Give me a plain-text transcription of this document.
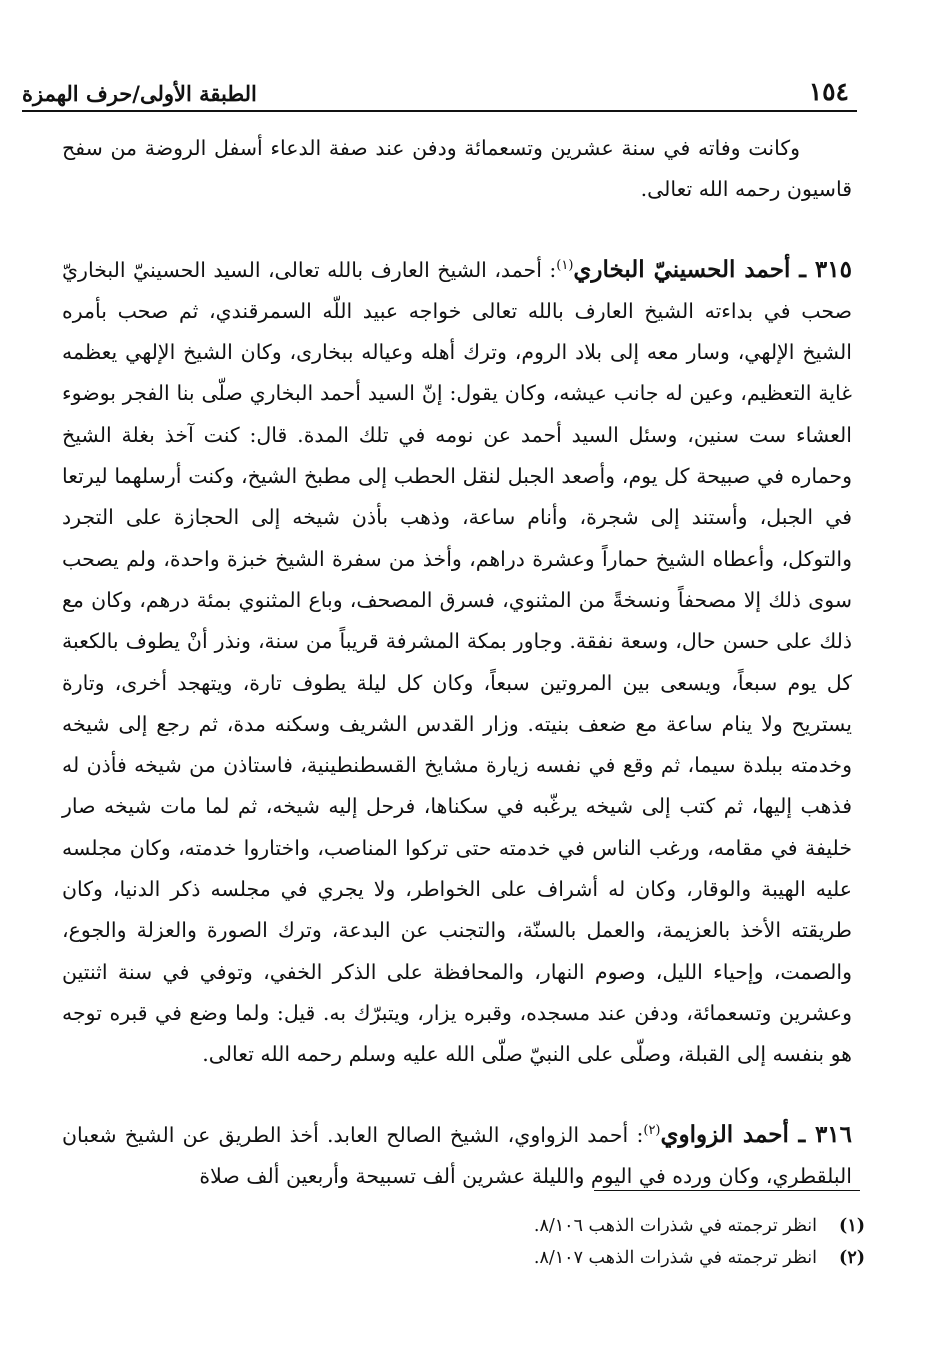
الطبقة الأولى/حرف الهمزة	١٥٤

وكانت وفاته في سنة عشرين وتسعمائة ودفن عند صفة الدعاء أسفل الروضة من سفح قاسيون رحمه الله تعالى.

٣١٥ ـ أحمد الحسينيّ البخاري$^{(١)}$: أحمد، الشيخ العارف بالله تعالى، السيد الحسينيّ البخاريّ صحب في بداءته الشيخ العارف بالله تعالى خواجه عبيد اللّه السمرقندي، ثم صحب بأمره الشيخ الإلهي، وسار معه إلى بلاد الروم، وترك أهله وعياله ببخارى، وكان الشيخ الإلهي يعظمه غاية التعظيم، وعين له جانب عيشه، وكان يقول: إنّ السيد أحمد البخاري صلّى بنا الفجر بوضوء العشاء ست سنين، وسئل السيد أحمد عن نومه في تلك المدة. قال: كنت آخذ بغلة الشيخ وحماره في صبيحة كل يوم، وأصعد الجبل لنقل الحطب إلى مطبخ الشيخ، وكنت أرسلهما ليرتعا في الجبل، وأستند إلى شجرة، وأنام ساعة، وذهب بأذن شيخه إلى الحجازة على التجرد والتوكل، وأعطاه الشيخ حماراً وعشرة دراهم، وأخذ من سفرة الشيخ خبزة واحدة، ولم يصحب سوى ذلك إلا مصحفاً ونسخةً من المثنوي، فسرق المصحف، وباع المثنوي بمئة درهم، وكان مع ذلك على حسن حال، وسعة نفقة. وجاور بمكة المشرفة قريباً من سنة، ونذر أنْ يطوف بالكعبة كل يوم سبعاً، ويسعى بين المروتين سبعاً، وكان كل ليلة يطوف تارة، ويتهجد أخرى، وتارة يستريح ولا ينام ساعة مع ضعف بنيته. وزار القدس الشريف وسكنه مدة، ثم رجع إلى شيخه وخدمته ببلدة سيما، ثم وقع في نفسه زيارة مشايخ القسطنطينية، فاستاذن من شيخه فأذن له فذهب إليها، ثم كتب إلى شيخه يرغّبه في سكناها، فرحل إليه شيخه، ثم لما مات شيخه صار خليفة في مقامه، ورغب الناس في خدمته حتى تركوا المناصب، واختاروا خدمته، وكان مجلسه عليه الهيبة والوقار، وكان له أشراف على الخواطر، ولا يجري في مجلسه ذكر الدنيا، وكان طريقته الأخذ بالعزيمة، والعمل بالسنّة، والتجنب عن البدعة، وترك الصورة والعزلة والجوع، والصمت، وإحياء الليل، وصوم النهار، والمحافظة على الذكر الخفي، وتوفي في سنة اثنتين وعشرين وتسعمائة، ودفن عند مسجده، وقبره يزار، ويتبرّك به. قيل: ولما وضع في قبره توجه هو بنفسه إلى القبلة، وصلّى على النبيّ صلّى الله عليه وسلم رحمه الله تعالى.

٣١٦ ـ أحمد الزواوي$^{(٢)}$: أحمد الزواوي، الشيخ الصالح العابد. أخذ الطريق عن الشيخ شعبان البلقطري، وكان ورده في اليوم والليلة عشرين ألف تسبيحة وأربعين ألف صلاة

(١)
انظر ترجمته في شذرات الذهب ٨/١٠٦.
(٢)
انظر ترجمته في شذرات الذهب ٨/١٠٧.
